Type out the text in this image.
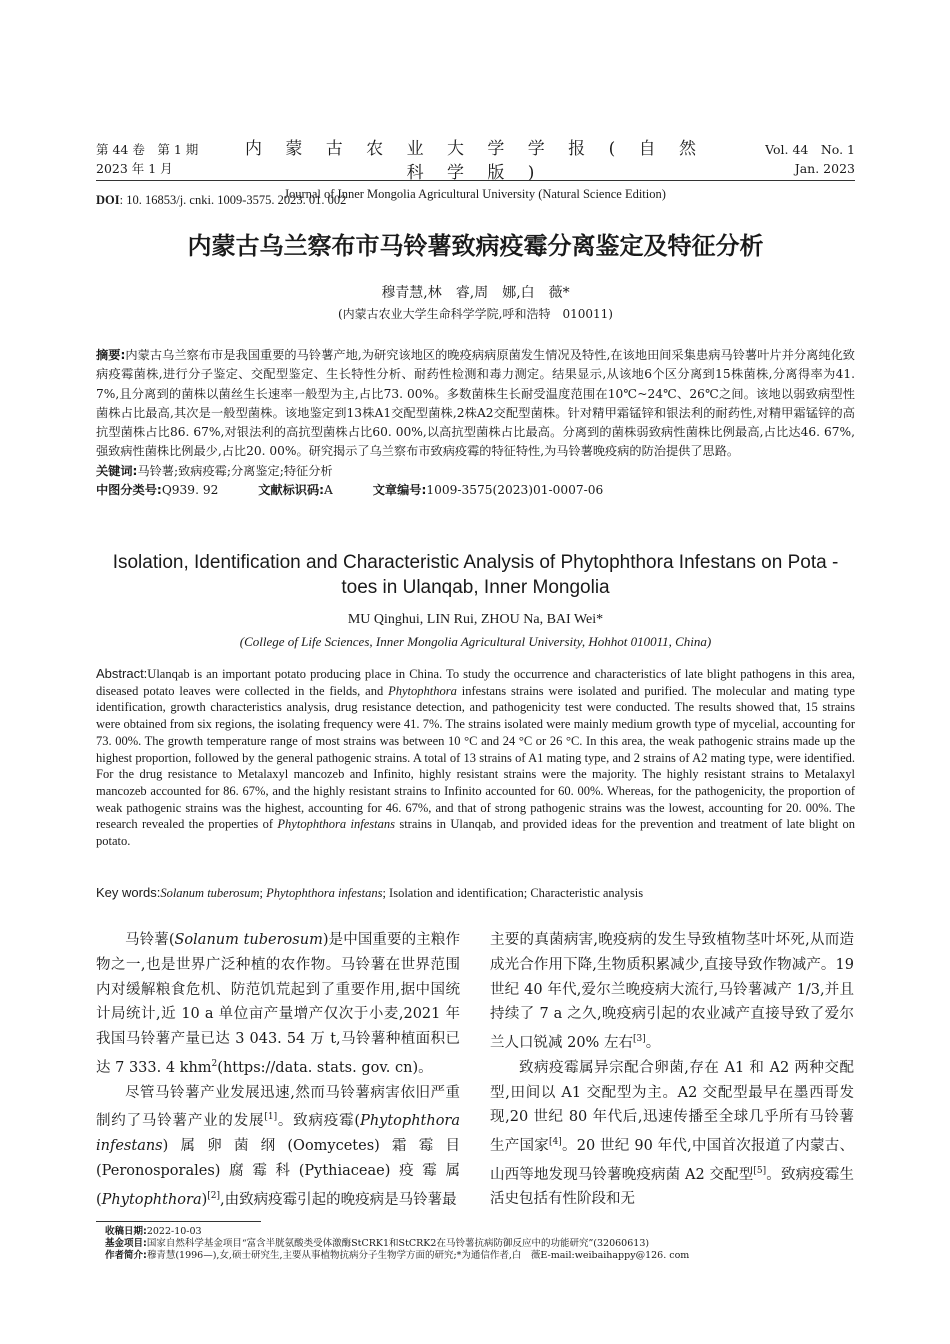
第 44 卷　第 1 期
2023 年 1 月
内 蒙 古 农 业 大 学 学 报 ( 自 然 科 学 版 )
Journal of Inner Mongolia Agricultural University (Natural Science Edition)
Vol. 44　No. 1
Jan. 2023
DOI: 10. 16853/j. cnki. 1009-3575. 2023. 01. 002
内蒙古乌兰察布市马铃薯致病疫霉分离鉴定及特征分析
穆青慧,林　睿,周　娜,白　薇*
(内蒙古农业大学生命科学学院,呼和浩特　010011)
摘要:内蒙古乌兰察布市是我国重要的马铃薯产地,为研究该地区的晚疫病病原菌发生情况及特性,在该地田间采集患病马铃薯叶片并分离纯化致病疫霉菌株,进行分子鉴定、交配型鉴定、生长特性分析、耐药性检测和毒力测定。结果显示,从该地6个区分离到15株菌株,分离得率为41. 7%,且分离到的菌株以菌丝生长速率一般型为主,占比73. 00%。多数菌株生长耐受温度范围在10℃~24℃、26℃之间。该地以弱致病型性菌株占比最高,其次是一般型菌株。该地鉴定到13株A1交配型菌株,2株A2交配型菌株。针对精甲霜锰锌和银法利的耐药性,对精甲霜锰锌的高抗型菌株占比86. 67%,对银法利的高抗型菌株占比60. 00%,以高抗型菌株占比最高。分离到的菌株弱致病性菌株比例最高,占比达46. 67%,强致病性菌株比例最少,占比20. 00%。研究揭示了乌兰察布市致病疫霉的特征特性,为马铃薯晚疫病的防治提供了思路。
关键词:马铃薯;致病疫霉;分离鉴定;特征分析
中图分类号:Q939. 92	文献标识码:A	文章编号:1009-3575(2023)01-0007-06
Isolation, Identification and Characteristic Analysis of Phytophthora Infestans on Pota - toes in Ulanqab, Inner Mongolia
MU Qinghui, LIN Rui, ZHOU Na, BAI Wei*
(College of Life Sciences, Inner Mongolia Agricultural University, Hohhot 010011, China)
Abstract:Ulanqab is an important potato producing place in China. To study the occurrence and characteristics of late blight pathogens in this area, diseased potato leaves were collected in the fields, and Phytophthora infestans strains were isolated and purified. The molecular and mating type identification, growth characteristics analysis, drug resistance detection, and pathogenicity test were conducted. The results showed that, 15 strains were obtained from six regions, the isolating frequency were 41. 7%. The strains isolated were mainly medium growth type of mycelial, accounting for 73. 00%. The growth temperature range of most strains was between 10 °C and 24 °C or 26 °C. In this area, the weak pathogenic strains made up the highest proportion, followed by the general pathogenic strains. A total of 13 strains of A1 mating type, and 2 strains of A2 mating type, were identified. For the drug resistance to Metalaxyl mancozeb and Infinito, highly resistant strains were the majority. The highly resistant strains to Metalaxyl mancozeb accounted for 86. 67%, and the highly resistant strains to Infinito accounted for 60. 00%. Whereas, for the pathogenicity, the proportion of weak pathogenic strains was the highest, accounting for 46. 67%, and that of strong pathogenic strains was the lowest, accounting for 20. 00%. The research revealed the properties of Phytophthora infestans strains in Ulanqab, and provided ideas for the prevention and treatment of late blight on potato.
Key words:Solanum tuberosum; Phytophthora infestans; Isolation and identification; Characteristic analysis

马铃薯(Solanum tuberosum)是中国重要的主粮作物之一,也是世界广泛种植的农作物。马铃薯在世界范围内对缓解粮食危机、防范饥荒起到了重要作用,据中国统计局统计,近 10 a 单位亩产量增产仅次于小麦,2021 年我国马铃薯产量已达 3 043. 54 万 t,马铃薯种植面积已达 7 333. 4 khm$^2$(https://data. stats. gov. cn)。

尽管马铃薯产业发展迅速,然而马铃薯病害依旧严重制约了马铃薯产业的发展[1]。致病疫霉(Phytophthora infestans)属卵菌纲(Oomycetes)霜霉目(Peronosporales)腐霉科(Pythiaceae)疫霉属(Phytophthora)[2],由致病疫霉引起的晚疫病是马铃薯最

主要的真菌病害,晚疫病的发生导致植物茎叶坏死,从而造成光合作用下降,生物质积累减少,直接导致作物减产。19 世纪 40 年代,爱尔兰晚疫病大流行,马铃薯减产 1/3,并且持续了 7 a 之久,晚疫病引起的农业减产直接导致了爱尔兰人口锐减 20% 左右[3]。

致病疫霉属异宗配合卵菌,存在 A1 和 A2 两种交配型,田间以 A1 交配型为主。A2 交配型最早在墨西哥发现,20 世纪 80 年代后,迅速传播至全球几乎所有马铃薯生产国家[4]。20 世纪 90 年代,中国首次报道了内蒙古、山西等地发现马铃薯晚疫病菌 A2 交配型[5]。致病疫霉生活史包括有性阶段和无

收稿日期:2022-10-03
基金项目:国家自然科学基金项目“富含半胱氨酸类受体激酶StCRK1和StCRK2在马铃薯抗病防御反应中的功能研究”(32060613)
作者简介:穆青慧(1996—),女,硕士研究生,主要从事植物抗病分子生物学方面的研究;*为通信作者,白　薇E-mail:weibaihappy@126. com
